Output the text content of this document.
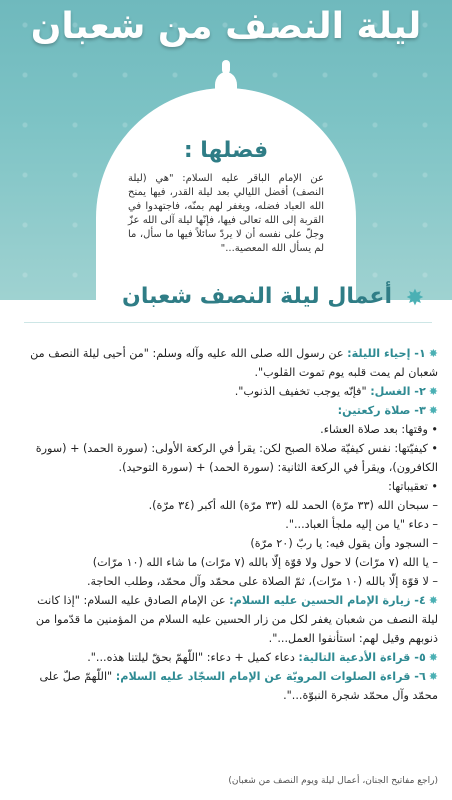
ليلة النصف من شعبان
فضلها :
عن الإمام الباقر عليه السلام: "هي (ليلة النصف) أفضل الليالي بعد ليلة القدر، فيها يمنح الله العباد فضله، ويغفر لهم بمنّه، فاجتهدوا في القربة إلى الله تعالى فيها، فإنّها ليلة آلى الله عزّ وجلّ على نفسه أن لا يردّ سائلاً فيها ما سأل، ما لم يسأل الله المعصية..."
✸
أعمال ليلة النصف شعبان

✸١- إحياء الليلة: عن رسول الله صلى الله عليه وآله وسلم: "من أحيى ليلة النصف من شعبان لم يمت قلبه يوم تموت القلوب".

✸٢- الغسل: "فإنّه يوجب تخفيف الذنوب".

✸٣- صلاة ركعتين:

• وقتها: بعد صلاة العشاء.

• كيفيّتها: نفس كيفيّة صلاة الصبح لكن: يقرأ في الركعة الأولى: (سورة الحمد) + (سورة الكافرون)، ويقرأ في الركعة الثانية: (سورة الحمد) + (سورة التوحيد).

• تعقيباتها:

– سبحان الله (٣٣ مرّة) الحمد لله (٣٣ مرّة) الله أكبر (٣٤ مرّة).

– دعاء "يا من إليه ملجأ العباد...".

– السجود وأن يقول فيه: يا ربّ (٢٠ مرّة)

– يا الله (٧ مرّات) لا حول ولا قوّة إلّا بالله (٧ مرّات) ما شاء الله (١٠ مرّات)

– لا قوّة إلّا بالله (١٠ مرّات)، ثمّ الصلاة على محمّد وآل محمّد، وطلب الحاجة.

✸٤- زيارة الإمام الحسين عليه السلام: عن الإمام الصادق عليه السلام: "إذا كانت ليلة النصف من شعبان يغفر لكل من زار الحسين عليه السلام من المؤمنين ما قدّموا من ذنوبهم وقيل لهم: استأنفوا العمل...".

✸٥- قراءة الأدعية التالية: دعاء كميل + دعاء: "اللّهمّ بحقّ ليلتنا هذه...".

✸٦- قراءة الصلوات المرويّة عن الإمام السجّاد عليه السلام: "اللّهمّ صلّ على محمّد وآل محمّد شجرة النبوّة...".

(راجع مفاتيح الجنان، أعمال ليلة ويوم النصف من شعبان)
